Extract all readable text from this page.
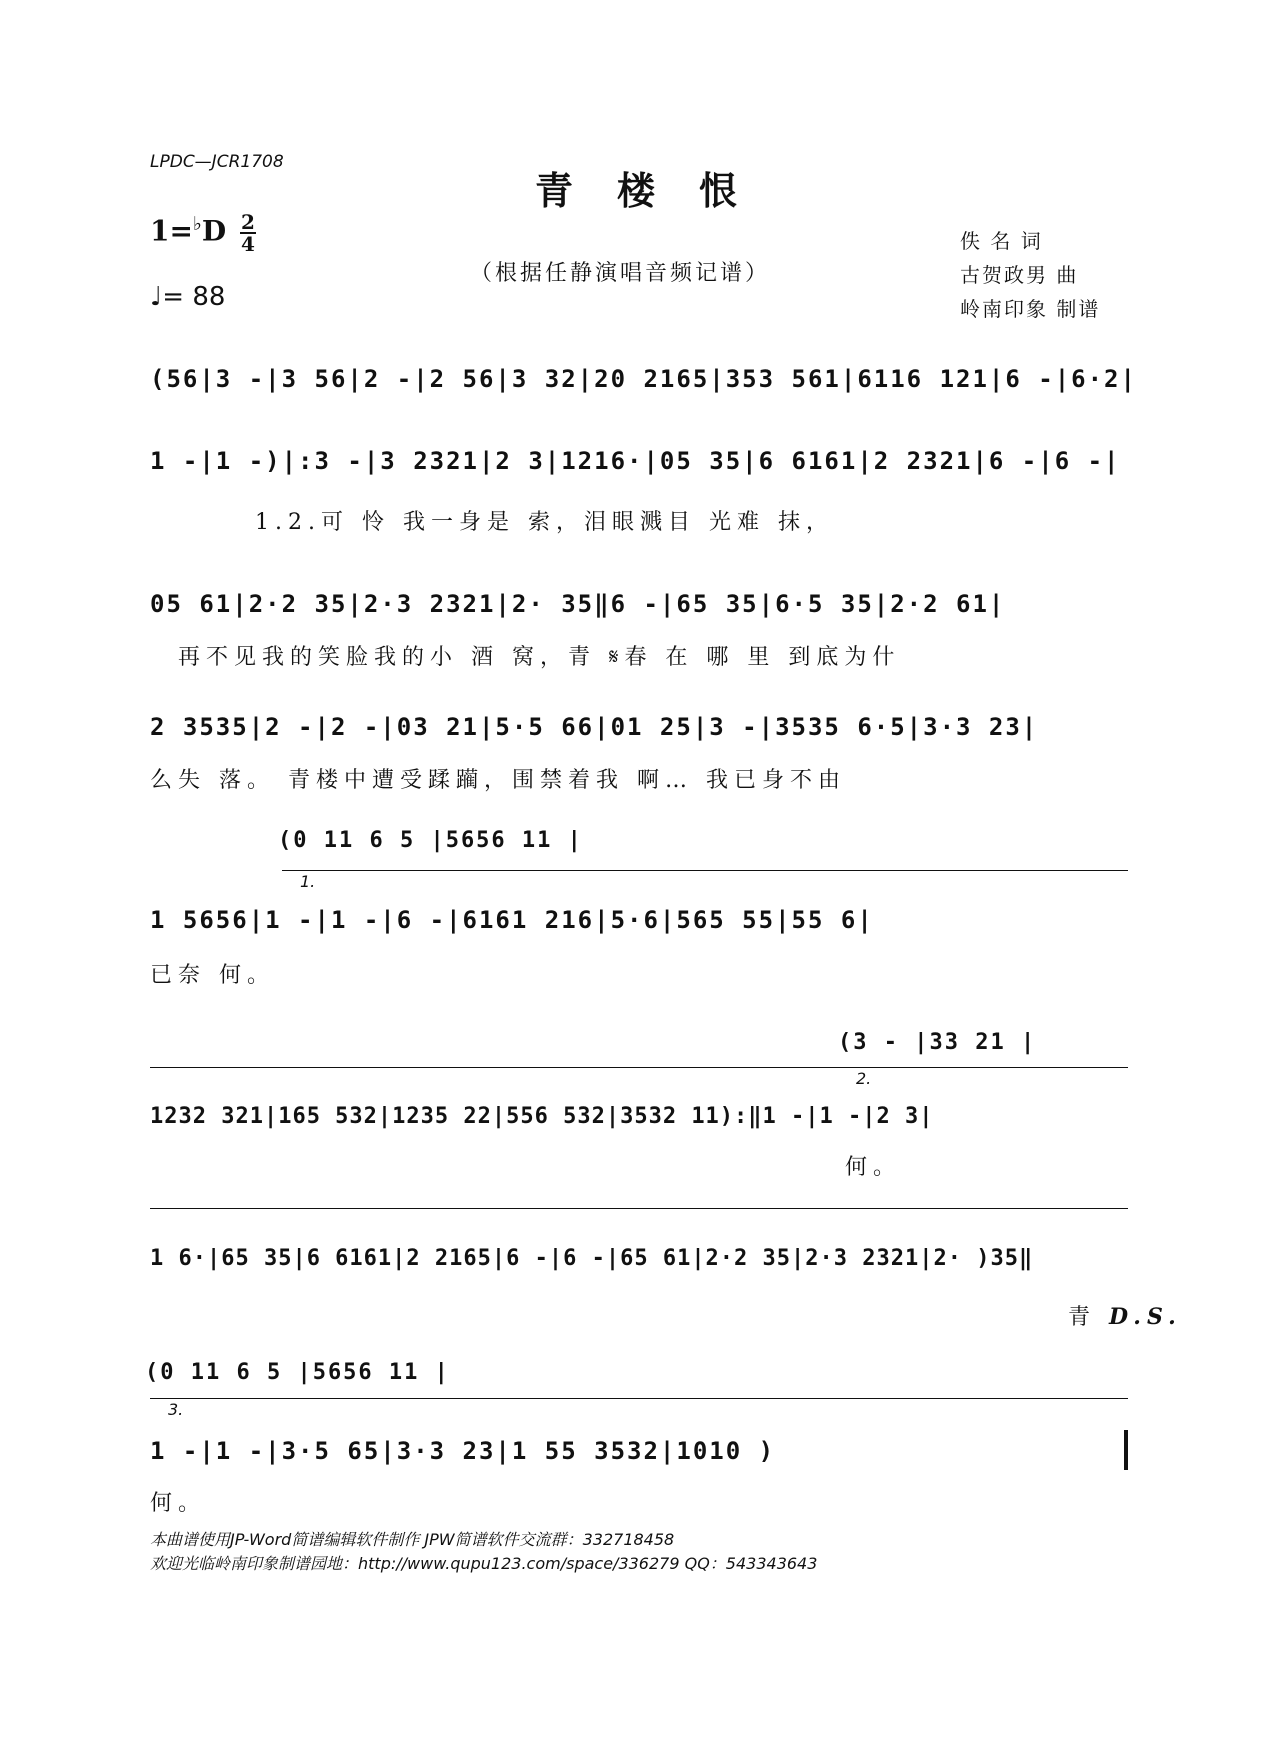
LPDC—JCR1708
青楼恨
$1=^♭D \frac{2}{4}$
♩= 88
（根据任静演唱音频记谱）
佚 名 词
古贺政男 曲
岭南印象 制谱
(56|3 -|3 56|2 -|2 56|3 32|20 2165|353 561|6116 121|6 -|6·2|
1 -|1 -)|:3 -|3 2321|2 3|1216·|05 35|6 6161|2 2321|6 -|6 -|
1.2.可 怜 我一身是 索，泪眼溅目 光难 抹，
05 61|2·2 35|2·3 2321|2· 35‖6 -|65 35|6·5 35|2·2 61|
再不见我的笑脸我的小 酒 窝，青 𝄋春 在 哪 里 到底为什
2 3535|2 -|2 -|03 21|5·5 66|01 25|3 -|3535 6·5|3·3 23|
么失 落。 青楼中遭受蹂躏，围禁着我 啊… 我已身不由
(0 11 6 5 |5656 11 |
1.
1 5656|1 -|1 -|6 -|6161 216|5·6|565 55|55 6|
已奈 何。
(3 - |33 21 |
2.
1232 321|165 532|1235 22|556 532|3532 11):‖1 -|1 -|2 3|
何。
1 6·|65 35|6 6161|2 2165|6 -|6 -|65 61|2·2 35|2·3 2321|2· )35‖
青 D.S.
(0 11 6 5 |5656 11 |
3.
1 -|1 -|3·5 65|3·3 23|1 55 3532|1010 )
何。
本曲谱使用JP-Word简谱编辑软件制作 JPW简谱软件交流群：332718458
欢迎光临岭南印象制谱园地：http://www.qupu123.com/space/336279 QQ：543343643
